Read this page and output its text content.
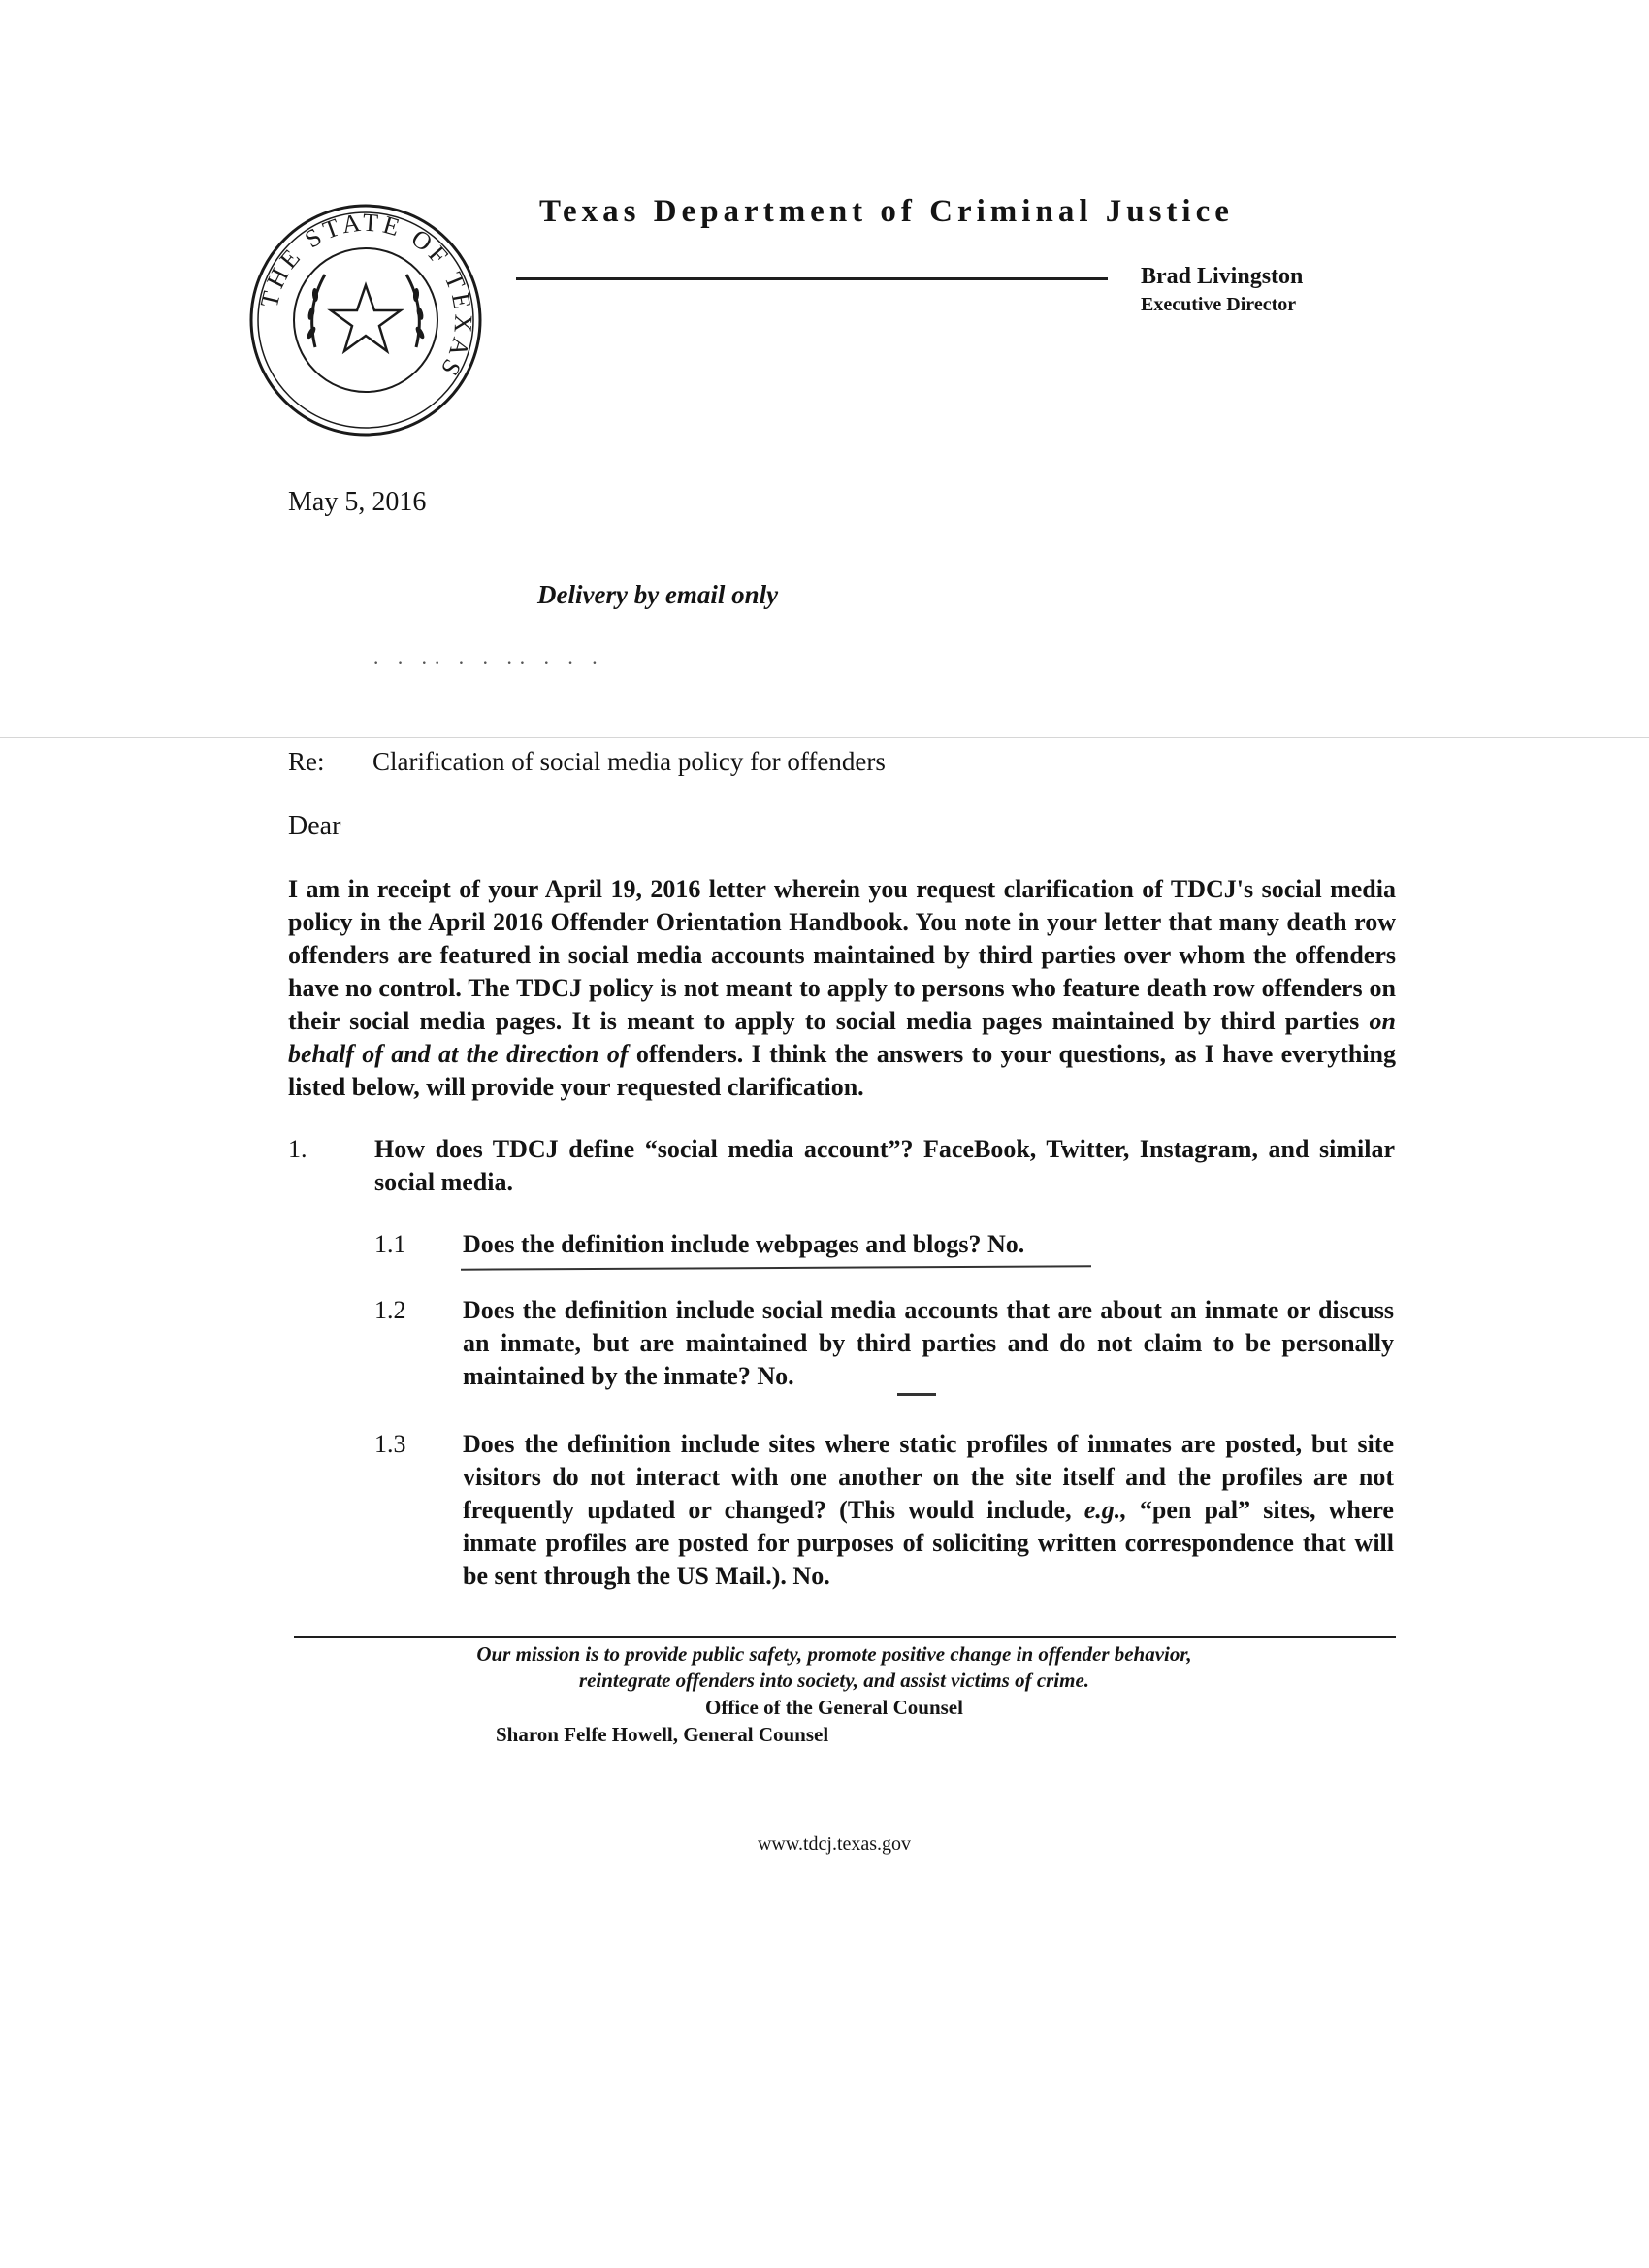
THE STATE OF TEXAS
Texas Department of Criminal Justice
Brad Livingston
Executive Director
May 5, 2016
Delivery by email only
· · ·· · · ·· · · ·
Re: Clarification of social media policy for offenders
Dear
I am in receipt of your April 19, 2016 letter wherein you request clarification of TDCJ's social media policy in the April 2016 Offender Orientation Handbook. You note in your letter that many death row offenders are featured in social media accounts maintained by third parties over whom the offenders have no control. The TDCJ policy is not meant to apply to persons who feature death row offenders on their social media pages. It is meant to apply to social media pages maintained by third parties on behalf of and at the direction of offenders. I think the answers to your questions, as I have everything listed below, will provide your requested clarification.
1.	How does TDCJ define “social media account”? FaceBook, Twitter, Instagram, and similar social media.
1.1 Does the definition include webpages and blogs? No.
1.2 Does the definition include social media accounts that are about an inmate or discuss an inmate, but are maintained by third parties and do not claim to be personally maintained by the inmate? No.
1.3 Does the definition include sites where static profiles of inmates are posted, but site visitors do not interact with one another on the site itself and the profiles are not frequently updated or changed? (This would include, e.g., “pen pal” sites, where inmate profiles are posted for purposes of soliciting written correspondence that will be sent through the US Mail.). No.
Our mission is to provide public safety, promote positive change in offender behavior, reintegrate offenders into society, and assist victims of crime.
Office of the General Counsel
Sharon Felfe Howell, General Counsel
www.tdcj.texas.gov
